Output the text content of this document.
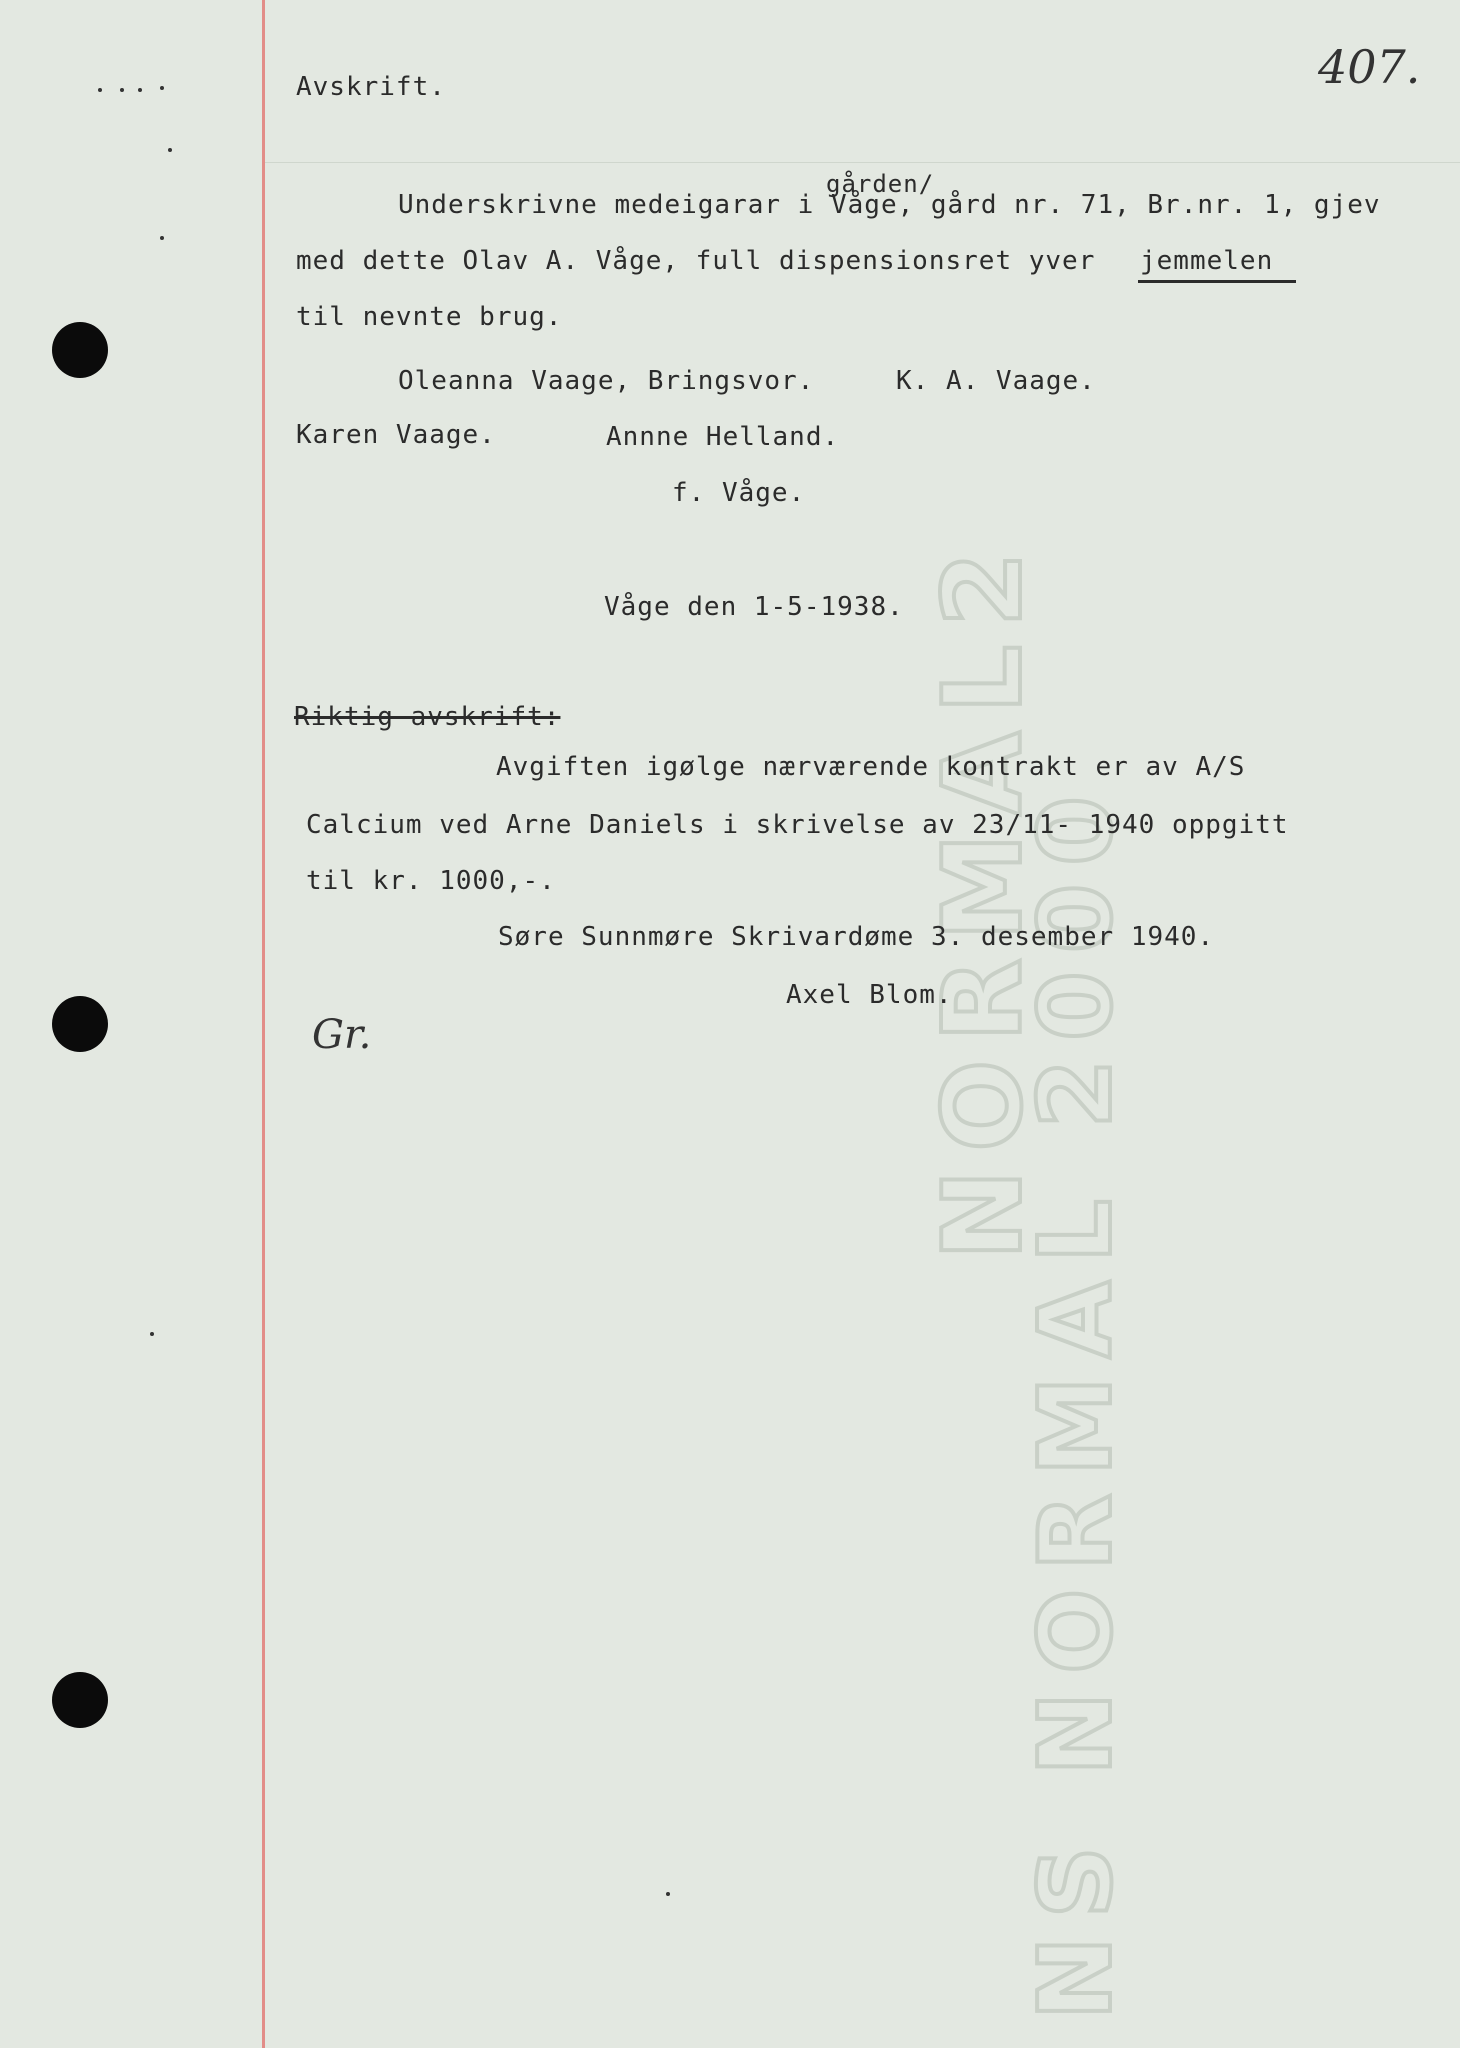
NORMAL2
NS NORMAL 2000
407.
Avskrift.
gården/
Underskrivne medeigarar i Våge, gård nr. 71, Br.nr. 1, gjev
med dette Olav A. Våge, full dispensionsret yver jemmelen
til nevnte brug.
Oleanna Vaage, Bringsvor.	K. A. Vaage.
Karen Vaage.	Annne Helland.
f. Våge.
Våge den 1-5-1938.
Riktig avskrift:
Avgiften igølge nærværende kontrakt er av A/S
Calcium ved Arne Daniels i skrivelse av 23/11- 1940 oppgitt
til kr. 1000,-.
Søre Sunnmøre Skrivardøme 3. desember 1940.
Axel Blom.
Gr.
